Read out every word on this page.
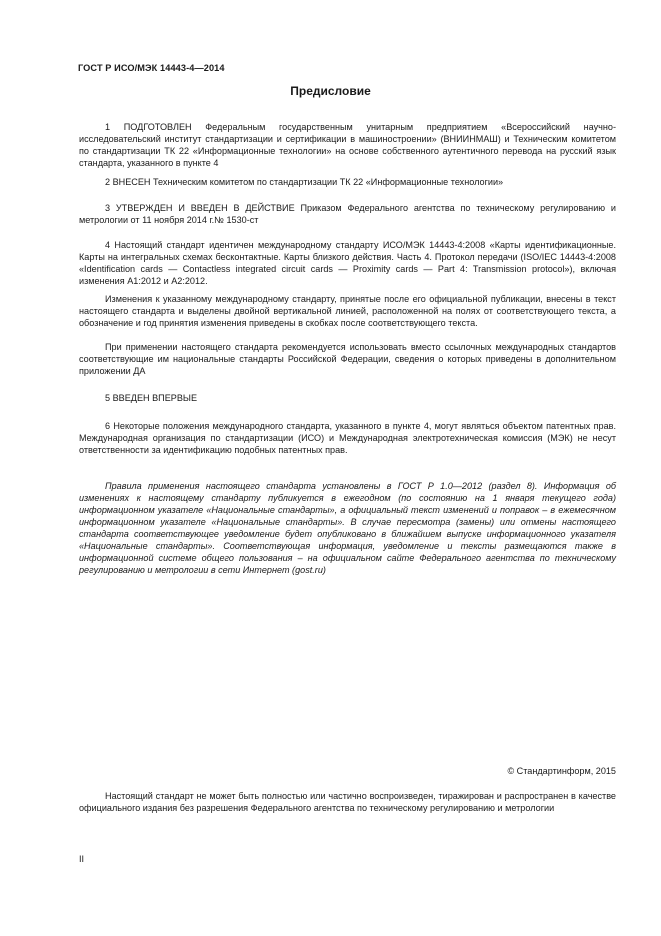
ГОСТ Р ИСО/МЭК 14443-4—2014
Предисловие

1 ПОДГОТОВЛЕН Федеральным государственным унитарным предприятием «Всероссийский научно-исследовательский институт стандартизации и сертификации в машиностроении» (ВНИИНМАШ) и Техническим комитетом по стандартизации ТК 22 «Информационные технологии» на основе собственного аутентичного перевода на русский язык стандарта, указанного в пункте 4

2 ВНЕСЕН Техническим комитетом по стандартизации ТК 22 «Информационные технологии»

3 УТВЕРЖДЕН И ВВЕДЕН В ДЕЙСТВИЕ Приказом Федерального агентства по техническому регулированию и метрологии от 11 ноября 2014 г.№ 1530-ст

4 Настоящий стандарт идентичен международному стандарту ИСО/МЭК 14443-4:2008 «Карты идентификационные. Карты на интегральных схемах бесконтактные. Карты близкого действия. Часть 4. Протокол передачи (ISO/IEC 14443-4:2008 «Identification cards — Contactless integrated circuit cards — Proximity cards — Part 4: Transmission protocol»), включая изменения А1:2012 и А2:2012.

Изменения к указанному международному стандарту, принятые после его официальной публикации, внесены в текст настоящего стандарта и выделены двойной вертикальной линией, расположенной на полях от соответствующего текста, а обозначение и год принятия изменения приведены в скобках после соответствующего текста.

При применении настоящего стандарта рекомендуется использовать вместо ссылочных международных стандартов соответствующие им национальные стандарты Российской Федерации, сведения о которых приведены в дополнительном приложении ДА

5 ВВЕДЕН ВПЕРВЫЕ

6 Некоторые положения международного стандарта, указанного в пункте 4, могут являться объектом патентных прав. Международная организация по стандартизации (ИСО) и Международная электротехническая комиссия (МЭК) не несут ответственности за идентификацию подобных патентных прав.

Правила применения настоящего стандарта установлены в ГОСТ Р 1.0—2012 (раздел 8). Информация об изменениях к настоящему стандарту публикуется в ежегодном (по состоянию на 1 января текущего года) информационном указателе «Национальные стандарты», а официальный текст изменений и поправок – в ежемесячном информационном указателе «Национальные стандарты». В случае пересмотра (замены) или отмены настоящего стандарта соответствующее уведомление будет опубликовано в ближайшем выпуске информационного указателя «Национальные стандарты». Соответствующая информация, уведомление и тексты размещаются также в информационной системе общего пользования – на официальном сайте Федерального агентства по техническому регулированию и метрологии в сети Интернет (gost.ru)

© Стандартинформ, 2015

Настоящий стандарт не может быть полностью или частично воспроизведен, тиражирован и распространен в качестве официального издания без разрешения Федерального агентства по техническому регулированию и метрологии

II
